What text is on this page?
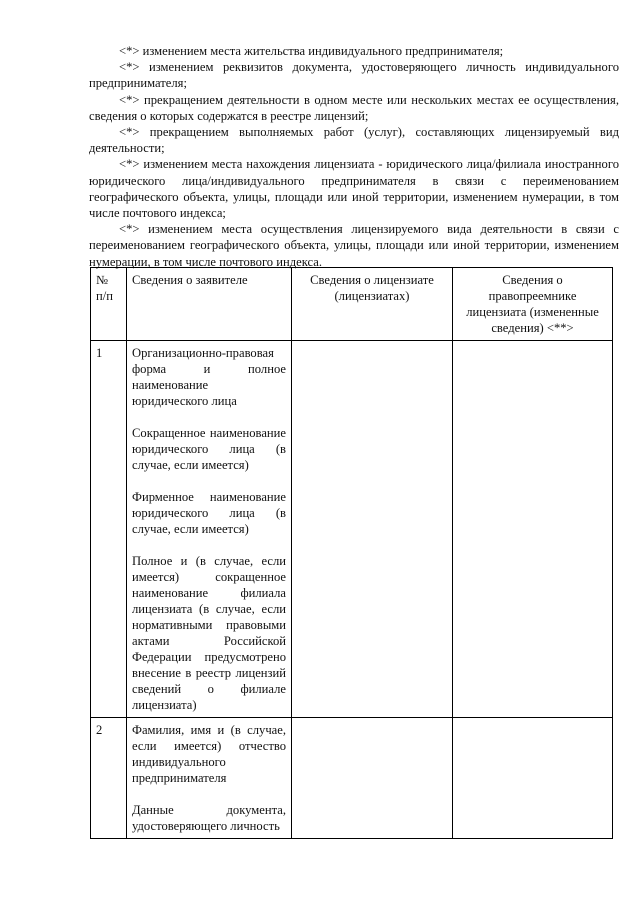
<*> изменением места жительства индивидуального предпринимателя;

<*> изменением реквизитов документа, удостоверяющего личность индивидуального предпринимателя;

<*> прекращением деятельности в одном месте или нескольких местах ее осуществления, сведения о которых содержатся в реестре лицензий;

<*> прекращением выполняемых работ (услуг), составляющих лицензируемый вид деятельности;

<*> изменением места нахождения лицензиата - юридического лица/филиала иностранного юридического лица/индивидуального предпринимателя в связи с переименованием географического объекта, улицы, площади или иной территории, изменением нумерации, в том числе почтового индекса;

<*> изменением места осуществления лицензируемого вида деятельности в связи с переименованием географического объекта, улицы, площади или иной территории, изменением нумерации, в том числе почтового индекса.

№ п/п	Сведения о заявителе	Сведения о лицензиате (лицензиатах)	Сведения о правопреемнике лицензиата (измененные сведения) <**>
1	Организационно-правовая форма и полное наименование юридического лица
Сокращенное наименование юридического лица (в случае, если имеется)
Фирменное наименование юридического лица (в случае, если имеется)
Полное и (в случае, если имеется) сокращенное наименование филиала лицензиата (в случае, если нормативными правовыми актами Российской Федерации предусмотрено внесение в реестр лицензий сведений о филиале лицензиата)		

2	Фамилия, имя и (в случае, если имеется) отчество индивидуального предпринимателя
Данные документа, удостоверяющего личность		
